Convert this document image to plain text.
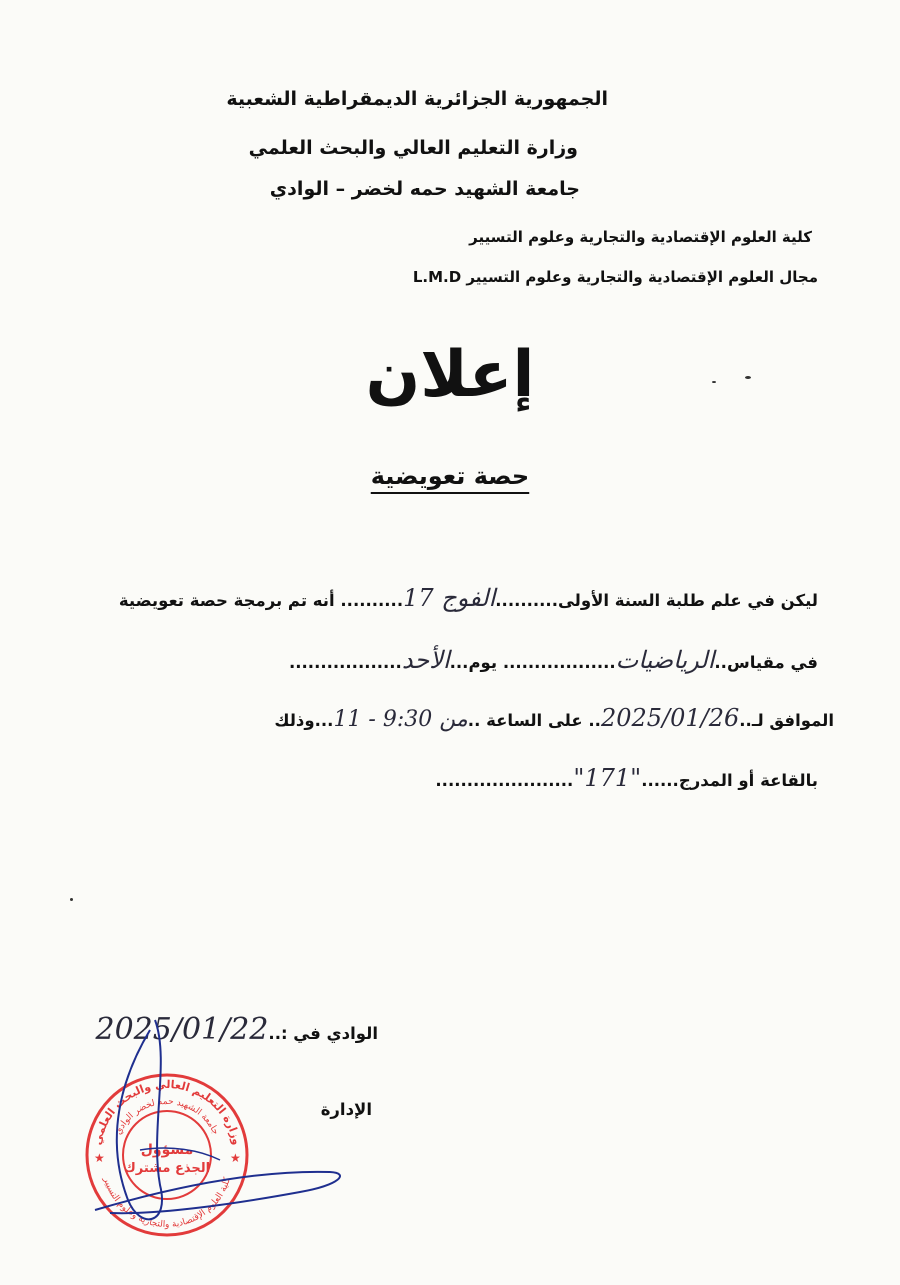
الجمهورية الجزائرية الديمقراطية الشعبية
وزارة التعليم العالي والبحث العلمي
جامعة الشهيد حمه لخضر – الوادي
كلية العلوم الإقتصادية والتجارية وعلوم التسيير
مجال العلوم الإقتصادية والتجارية وعلوم التسيير L.M.D
إعلان
حصة تعويضية
ليكن في علم طلبة السنة الأولى..........الفوج 17.......... أنه تم برمجة حصة تعويضية
في مقياس..الرياضيات.................. يوم...الأحد..................
الموافق لـ..2025/01/26.. على الساعة ..من 9:30 - 11...وذلك
بالقاعة أو المدرج......"171"......................
الوادي في :..2025/01/22
الإدارة
وزارة التعليم العالي والبحث العلمي
جامعة الشهيد حمه لخضر الوادي
كلية العلوم الإقتصادية والتجارية وعلوم التسيير
مسؤول
الجذع مشترك
★	★
